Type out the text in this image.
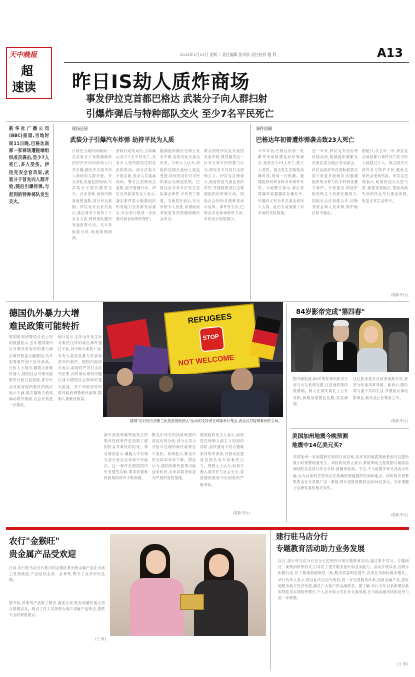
天中晚报
超
速读
2015年1月13日 星期二 责任编辑 张凤钦 责任校对 楼 利	A13
昨日IS劫人质炸商场
事发伊拉克首都巴格达 武装分子向人群扫射
引爆炸弹后与特种部队交火 至少7名平民死亡
新华社广播公司(BBC)报道,当地时间11日晚,巴格达南部一家商场遭极端组织成员袭击,至少7人死亡,多人受伤。伊拉克安全官员说,武装分子首先向人群开枪,随后引爆炸弹,与赶到的特种部队发生交火。
现场还原
武装分子引爆汽车炸弹 劫持平民为人质
日前在当地时间晚间,一名武装分子驾驶满载炸药的汽车冲向商场入口并引爆,随后多名枪手冲入商场向人群开枪。安全部队迅速包围现场,与武装分子展开激烈交火。目击者称,商场内顾客惊慌逃散,部分民众被困。伊拉克安全官员表示,袭击者至少劫持了十余名人质,特种部队随后发起营救行动。交火持续数小时,现场浓烟滚滚。
营救行动结束后,当局确认至少7名平民死亡,另有多人受伤被送往附近医院救治。部分武装分子被击毙,其余人员逃离现场。警方已封锁周边道路,展开搜捕行动。伊拉克内政部发言人表示,袭击事件显示极端组织仍有能力在首都发动袭击,安全部门将进一步加强对商业场所的保护。
极端组织随后在网上发布声明,宣称对此次袭击负责。分析人士认为,该组织近期在战场上接连受挫,转而发动针对平民的袭击以制造恐慌。巴格达近年来多次发生类似袭击事件,平民伤亡惨重。当地居民表示,安全形势令人担忧,希望政府采取更有效措施保障民众安全。
联合国驻伊拉克代表团发表声明,强烈谴责这一针对无辜平民的暴力行为,呼吁各方共同打击恐怖主义。伊拉克总理表示,政府将追究袭击者的责任,并继续推进打击极端组织的军事行动。国际社会纷纷对遇难者表示哀悼。事件发生后,巴格达多处商场临时关闭,市民出行明显减少。
事件回顾
巴格达年初曾遭炸弹袭击致23人死亡
今年年初,巴格达东部一处繁华市场曾遭连环炸弹袭击,造成至少23人死亡,数十人受伤。袭击发生在购物高峰时段,现场一片狼藉。极端组织同样宣称对该事件负责。当地警方表示,袭击者将爆炸装置藏匿在摊位中,引爆后又有自杀式袭击者冲入人群。此后当局加强了对市场的安检措施。
近一年来,伊拉克安全形势持续动荡,极端组织频繁在首都及周边地区发动袭击。伊拉克政府军在国际联盟支持下收复多座城市,但极端组织残余势力仍不时制造暴力事件。专家指出,彻底铲除恐怖主义仍需长期努力,国际社会应加强合作,切断其资金和人员来源,维护地区和平稳定。
据统计,仅去年一年,伊拉克各地因暴力事件死亡的平民人数超过万人。联合国多次呼吁各方保护平民,避免无辜民众受到伤害。伊拉克总理表示,政府将加大反恐力度,重建受损地区,帮助流离失所的民众早日重返家园,恢复正常生活秩序。
(据新华社)
德国仇外暴力大增
难民政策可能转折
REFUGEES
STOP
NOT WELCOME
德国"反对西方伊斯兰化的爱国欧洲人"运动的支持者在科隆举行集会,表达反对接纳难民的立场。
德国联邦刑警局日前公布的数据显示,去年德国境内针对难民收容所的暴力袭击事件数量大幅增加,仇外犯罪案件创下近年新高。分析人士指出,随着大批难民涌入,德国社会对难民政策的分歧日益加深,部分民众对政府接纳难民的做法表示不满,极右翼势力借机煽动排外情绪,社会矛盾进一步激化。
统计显示,去年全年发生针对难民住所的袭击事件超过千起,其中纵火案数十起,另有大量涉及暴力伤害和恐吓的案件。德国内政部长表示,政府将严厉打击仇外犯罪,同时承认难民问题已成为德国社会面临的重大挑战。多个州政府呼吁联邦政府调整难民政策,限制入境难民数量。
新年前夜科隆等地发生的集体性侵事件更加剧了德国民众对难民的担忧。事后调查显示,嫌疑人中有相当部分来自北非和中东地区。这一事件在德国国内引发强烈反响,要求收紧难民政策的呼声不断高涨。
默克尔所在的执政联盟内部也出现分歧,部分议员公开批评总理的难民政策过于宽松。民调显示,默克尔的支持率有所下降。舆论认为,德国的难民政策可能迎来转折,未来或将采取更为严格的管控措施。
德国政府发言人表示,政府将在保障人道主义原则的同时,加快遣返不符合避难条件的申请者,并推动欧盟成员国共同分担难民压力。观察人士认为,如何平衡人道责任与社会安全,将是德国政府今后面临的严峻考验。
(据新华社)
84岁影帝完成"第四春"
据外媒报道,84岁的好莱坞影帝日前与女友低调完婚,这是他的第四段婚姻。两人在颁奖典礼上公开亮相,新娘身着银色礼服,笑容满面。
这位影帝曾多次获得奥斯卡奖,被誉为好莱坞常青树。他表示,婚后将与妻子共同生活,并继续从事电影事业,新作品已在筹备之中。
(据新华社)
美国加州地震今晚预测
地震中14亿美元买?
美国加州一家地震研究机构日前宣称,其开发的地震预测系统可以提前数小时预警地震发生。该机构负责人表示,系统利用卫星数据与地面监测站的信息进行综合分析,准确率较高。不过,不少地震学家对此表示怀疑,认为目前科学界尚无法准确预测地震的时间和地点。该机构计划筹集资金在全美推广这一系统,预计投资规模将达到14亿美元。专家提醒公众理性看待相关宣传。
(据新华社)
农行"金猴旺"
贵金属产品受欢迎
日前,农行驻马店分行推出的金猴旺系列贵金属产品在市场上受到欢迎,产品包括金条、金章等,吸引了众多市民选购。
据介绍,该系列产品做工精美,寓意吉祥,既有收藏价值又适合馈赠亲友。网点工作人员热情为客户讲解产品特点,提供专业的理财建议。
(王 敏)
建行驻马店分行
专题教育活动助力业务发展
近日,建行驻马店分行在全行范围内开展专题教育活动,通过集中学习、专题研讨、案例剖析等形式,引导员工提升服务意识和业务能力。活动开展以来,各网点积极行动,员工精神面貌焕然一新,服务质量明显提升,各项业务指标稳步增长。该行负责人表示,将以此次活动为契机,进一步完善服务体系,创新金融产品,更好地服务地方经济发展,满足广大客户的金融需求。据了解,该行今年以来新增存款和贷款均实现较快增长,个人业务和公司业务全面发展,在当地金融市场的竞争力进一步增强。
(王 敏)
